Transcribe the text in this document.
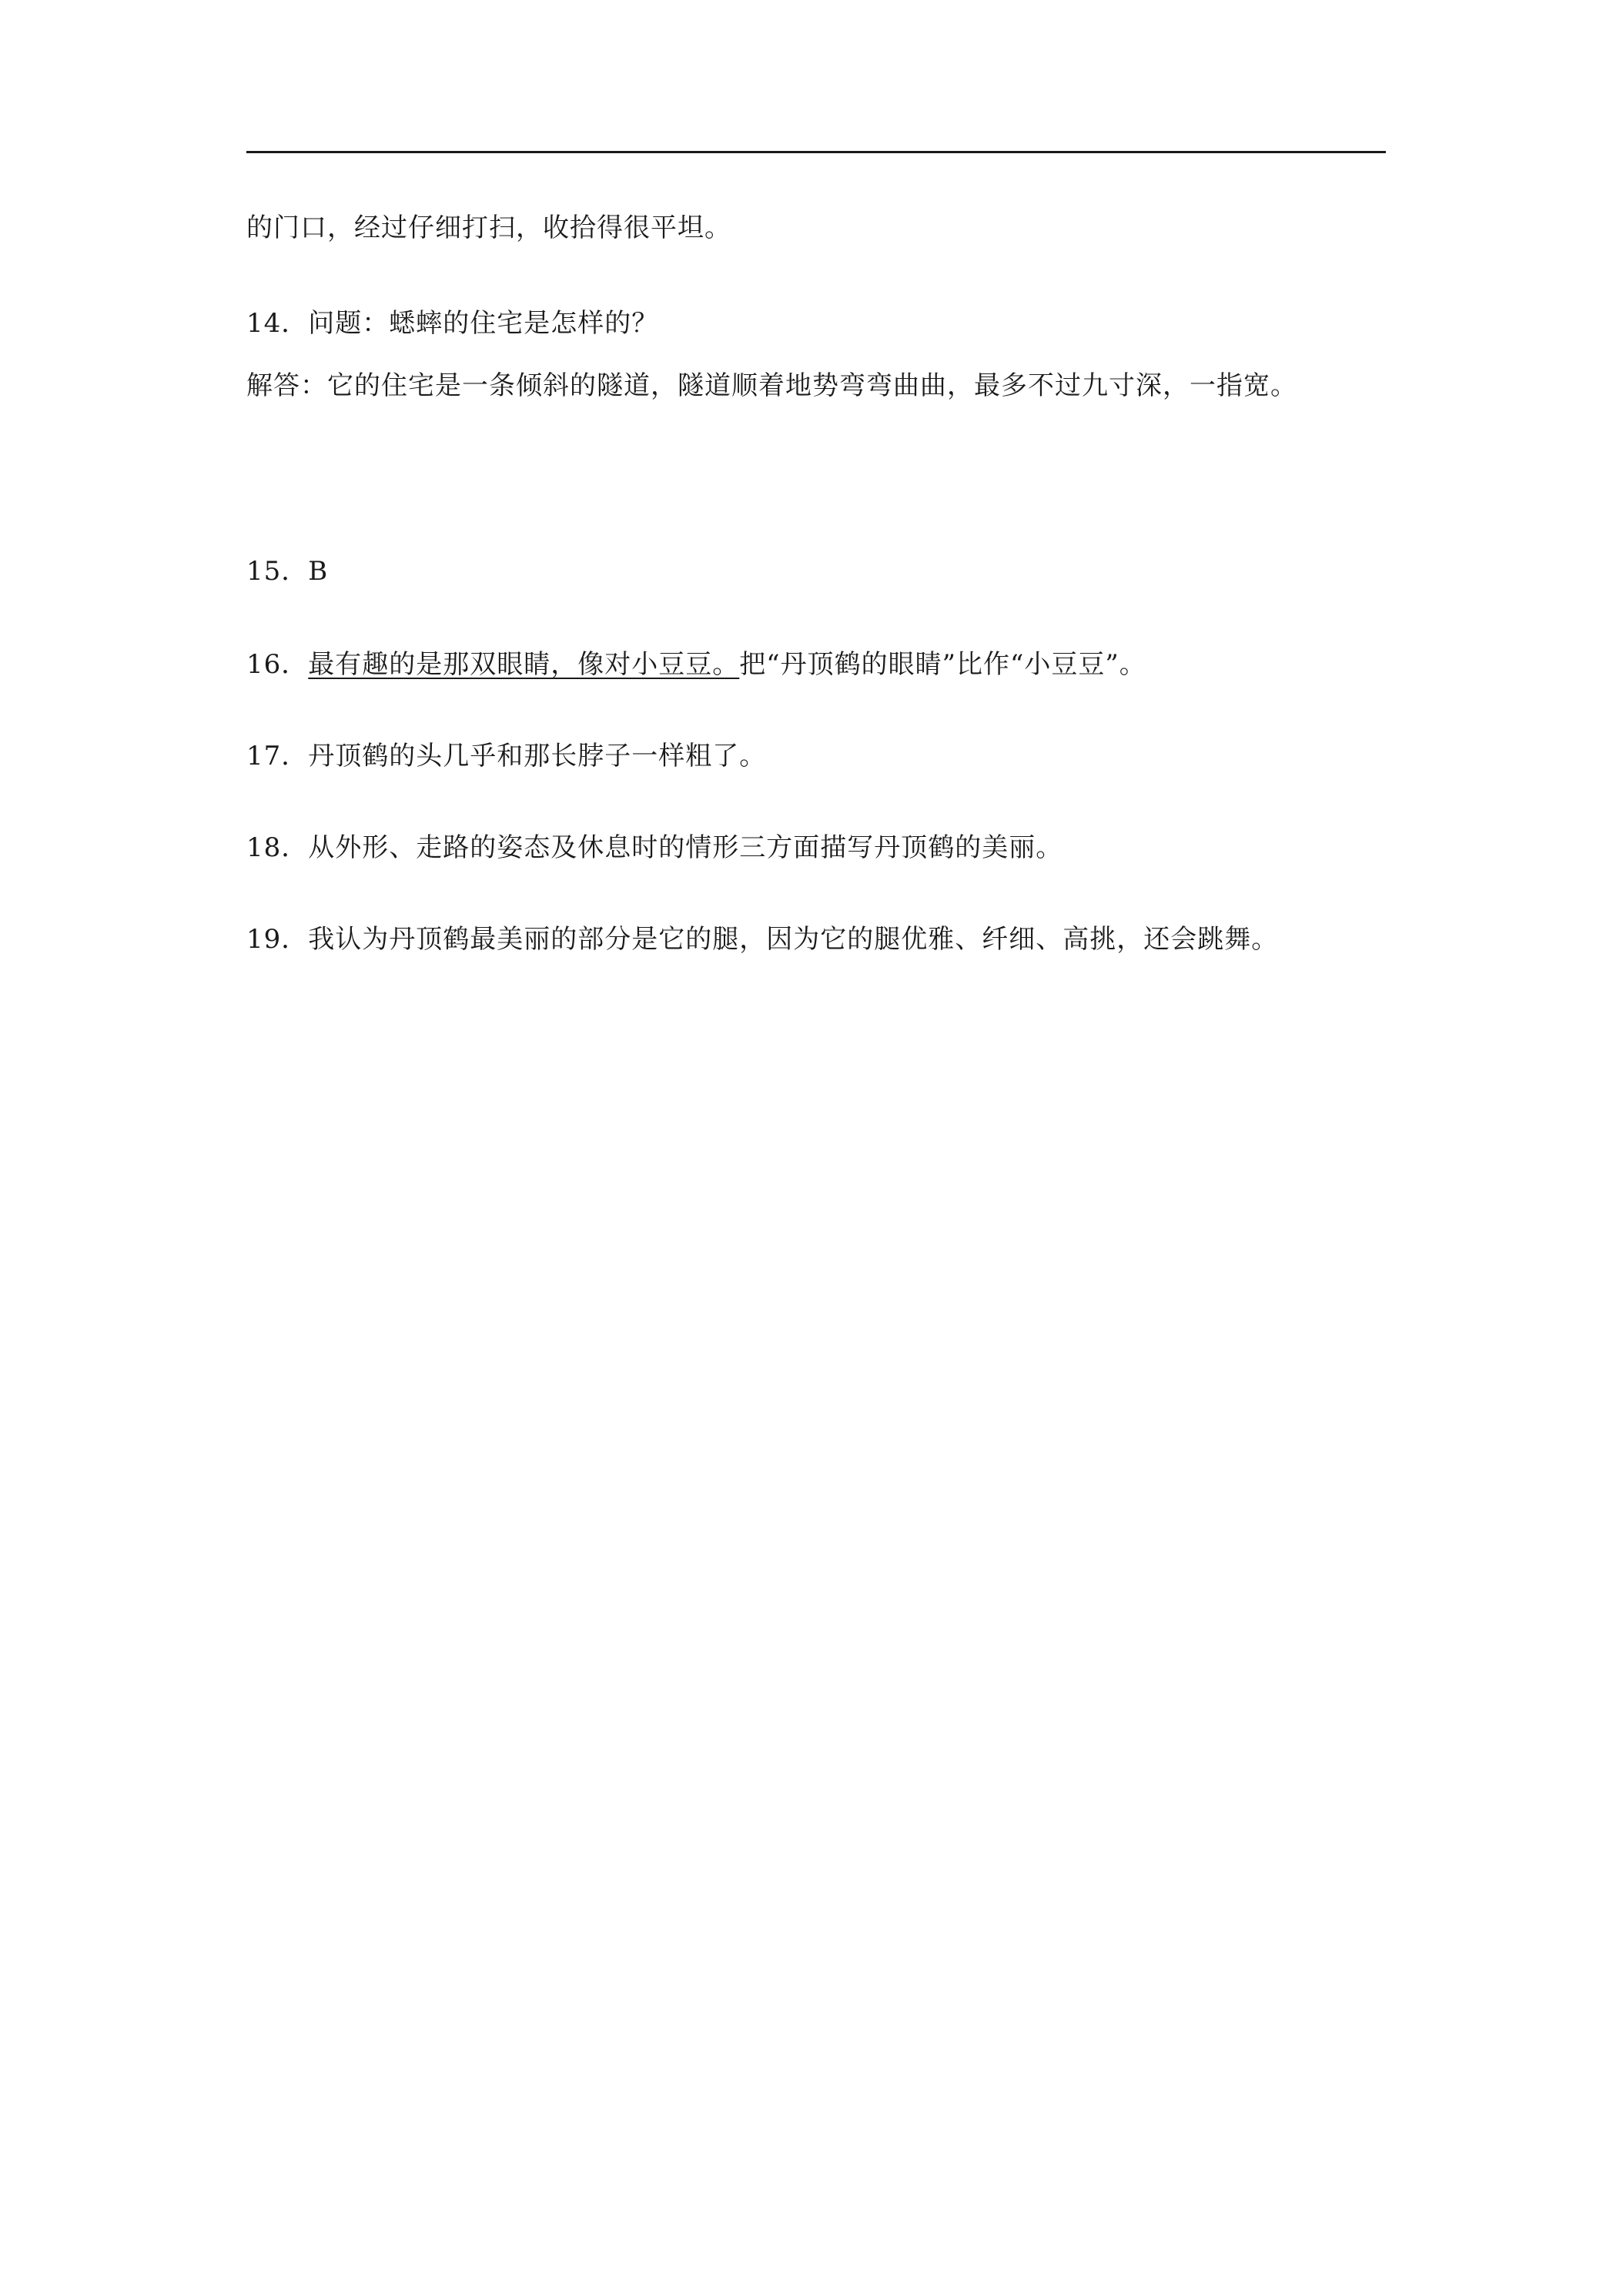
的门口，经过仔细打扫，收拾得很平坦。
14．问题：蟋蟀的住宅是怎样的？
解答：它的住宅是一条倾斜的隧道，隧道顺着地势弯弯曲曲，最多不过九寸深，一指宽。
15．B
16．最有趣的是那双眼睛，像对小豆豆。把“丹顶鹤的眼睛”比作“小豆豆”。
17．丹顶鹤的头几乎和那长脖子一样粗了。
18．从外形、走路的姿态及休息时的情形三方面描写丹顶鹤的美丽。
19．我认为丹顶鹤最美丽的部分是它的腿，因为它的腿优雅、纤细、高挑，还会跳舞。
